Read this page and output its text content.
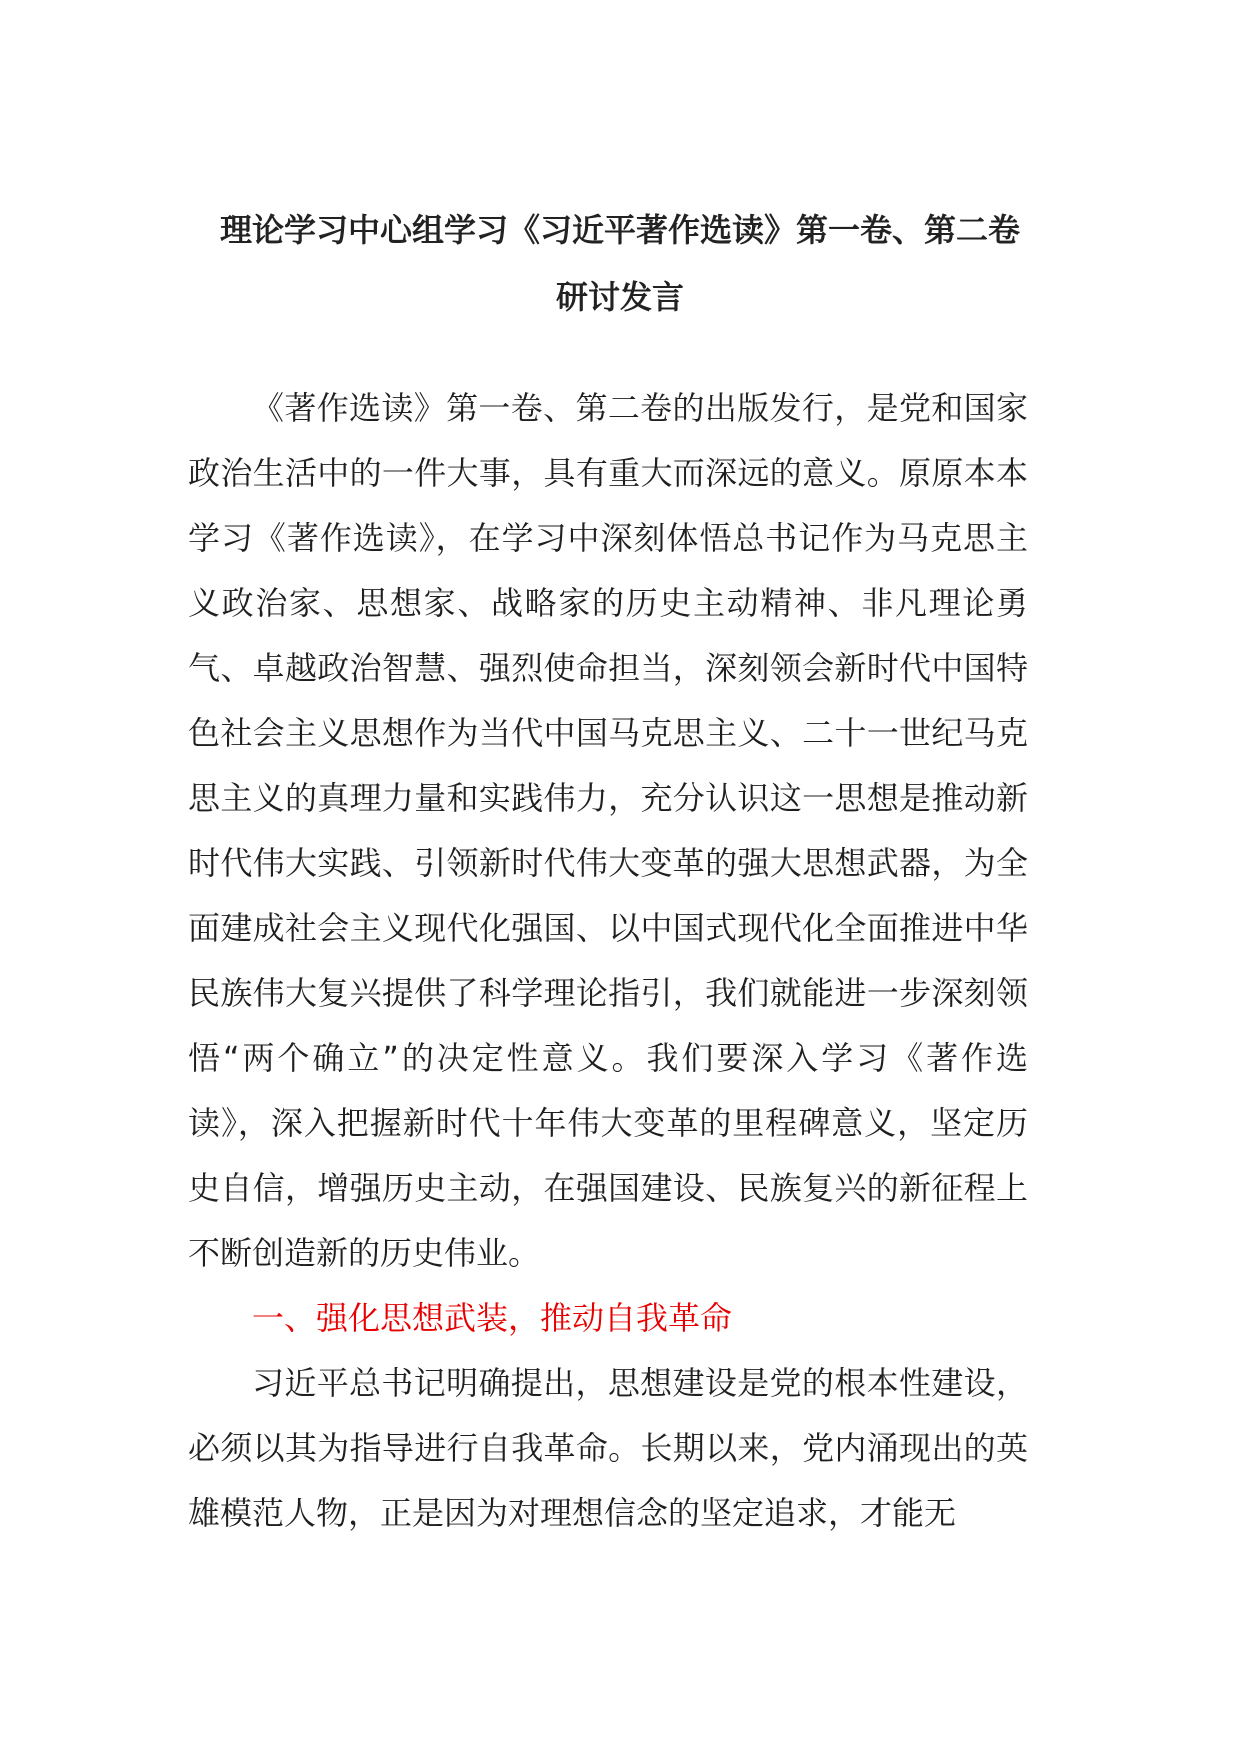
理论学习中心组学习《习近平著作选读》第一卷、第二卷
研讨发言

《著作选读》第一卷、第二卷的出版发行，是党和国家政治生活中的一件大事，具有重大而深远的意义。原原本本学习《著作选读》，在学习中深刻体悟总书记作为马克思主义政治家、思想家、战略家的历史主动精神、非凡理论勇气、卓越政治智慧、强烈使命担当，深刻领会新时代中国特色社会主义思想作为当代中国马克思主义、二十一世纪马克思主义的真理力量和实践伟力，充分认识这一思想是推动新时代伟大实践、引领新时代伟大变革的强大思想武器，为全面建成社会主义现代化强国、以中国式现代化全面推进中华民族伟大复兴提供了科学理论指引，我们就能进一步深刻领悟“两个确立”的决定性意义。我们要深入学习《著作选读》，深入把握新时代十年伟大变革的里程碑意义，坚定历史自信，增强历史主动，在强国建设、民族复兴的新征程上不断创造新的历史伟业。

一、强化思想武装，推动自我革命

习近平总书记明确提出，思想建设是党的根本性建设，必须以其为指导进行自我革命。长期以来，党内涌现出的英雄模范人物，正是因为对理想信念的坚定追求，才能无
